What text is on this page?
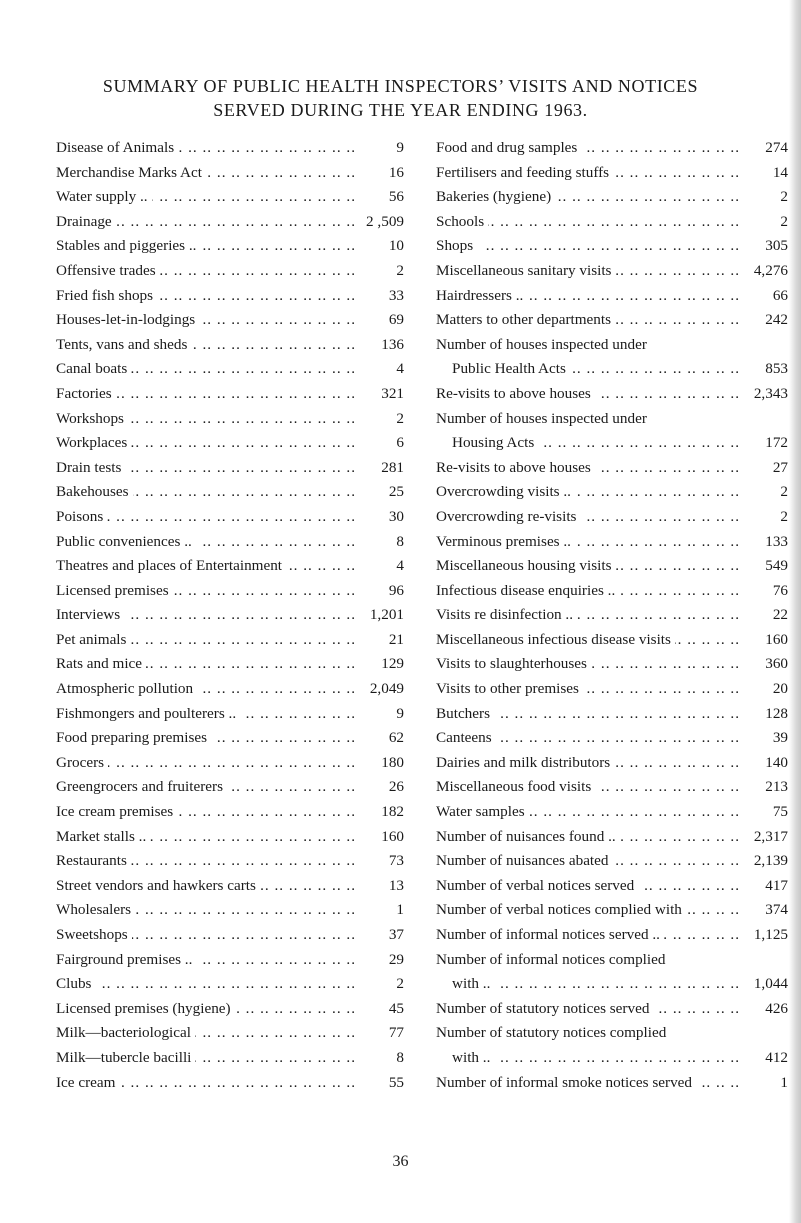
SUMMARY OF PUBLIC HEALTH INSPECTORS’ VISITS AND NOTICES
SERVED DURING THE YEAR ENDING 1963.
Disease of Animals .. .	9
Merchandise Marks Act .. .	16
Water supply .. .. .	56
Drainage .. .	2 ,509
Stables and piggeries .. .. .	10
Offensive trades .. .	2
Fried fish shops .. .	33
Houses-let-in-lodgings .. .	69
Tents, vans and sheds .. .	136
Canal boats .. .	4
Factories .. .	321
Workshops .. .	2
Workplaces .. .	6
Drain tests .. .	281
Bakehouses .. .	25
Poisons .. .	30
Public conveniences .. .. .	8
Theatres and places of Entertainment .. .	4
Licensed premises .. .	96
Interviews .. .	1,201
Pet animals .. .	21
Rats and mice .. .	129
Atmospheric pollution .. .	2,049
Fishmongers and poulterers .. .. .	9
Food preparing premises .. .	62
Grocers .. .	180
Greengrocers and fruiterers .. .	26
Ice cream premises .. .	182
Market stalls .. .. .	160
Restaurants .. .	73
Street vendors and hawkers carts .. .	13
Wholesalers .. .	1
Sweetshops .. .	37
Fairground premises .. .. .	29
Clubs .. .	2
Licensed premises (hygiene) .. .	45
Milk—bacteriological .. .	77
Milk—tubercle bacilli .. .	8
Ice cream .. .	55
Food and drug samples .. .	274
Fertilisers and feeding stuffs .. .	14
Bakeries (hygiene) .. .	2
Schools .. .	2
Shops .. .	305
Miscellaneous sanitary visits .. .	4,276
Hairdressers .. .. .	66
Matters to other departments .. .	242
Number of houses inspected under
Public Health Acts .. .	853
Re-visits to above houses .. .	2,343
Number of houses inspected under
Housing Acts .. .	172
Re-visits to above houses .. .	27
Overcrowding visits .. .. .	2
Overcrowding re-visits .. .	2
Verminous premises .. .. .	133
Miscellaneous housing visits .. .	549
Infectious disease enquiries .. .. .	76
Visits re disinfection .. .. .	22
Miscellaneous infectious disease visits .. .	160
Visits to slaughterhouses .. .	360
Visits to other premises .. .	20
Butchers .. .	128
Canteens .. .	39
Dairies and milk distributors .. .	140
Miscellaneous food visits .. .	213
Water samples .. .	75
Number of nuisances found .. .. .	2,317
Number of nuisances abated .. .	2,139
Number of verbal notices served .. .	417
Number of verbal notices complied with .. .	374
Number of informal notices served .. .. .	1,125
Number of informal notices complied
with .. .. .	1,044
Number of statutory notices served .. .	426
Number of statutory notices complied
with .. .. .	412
Number of informal smoke notices served .. .	1
36
